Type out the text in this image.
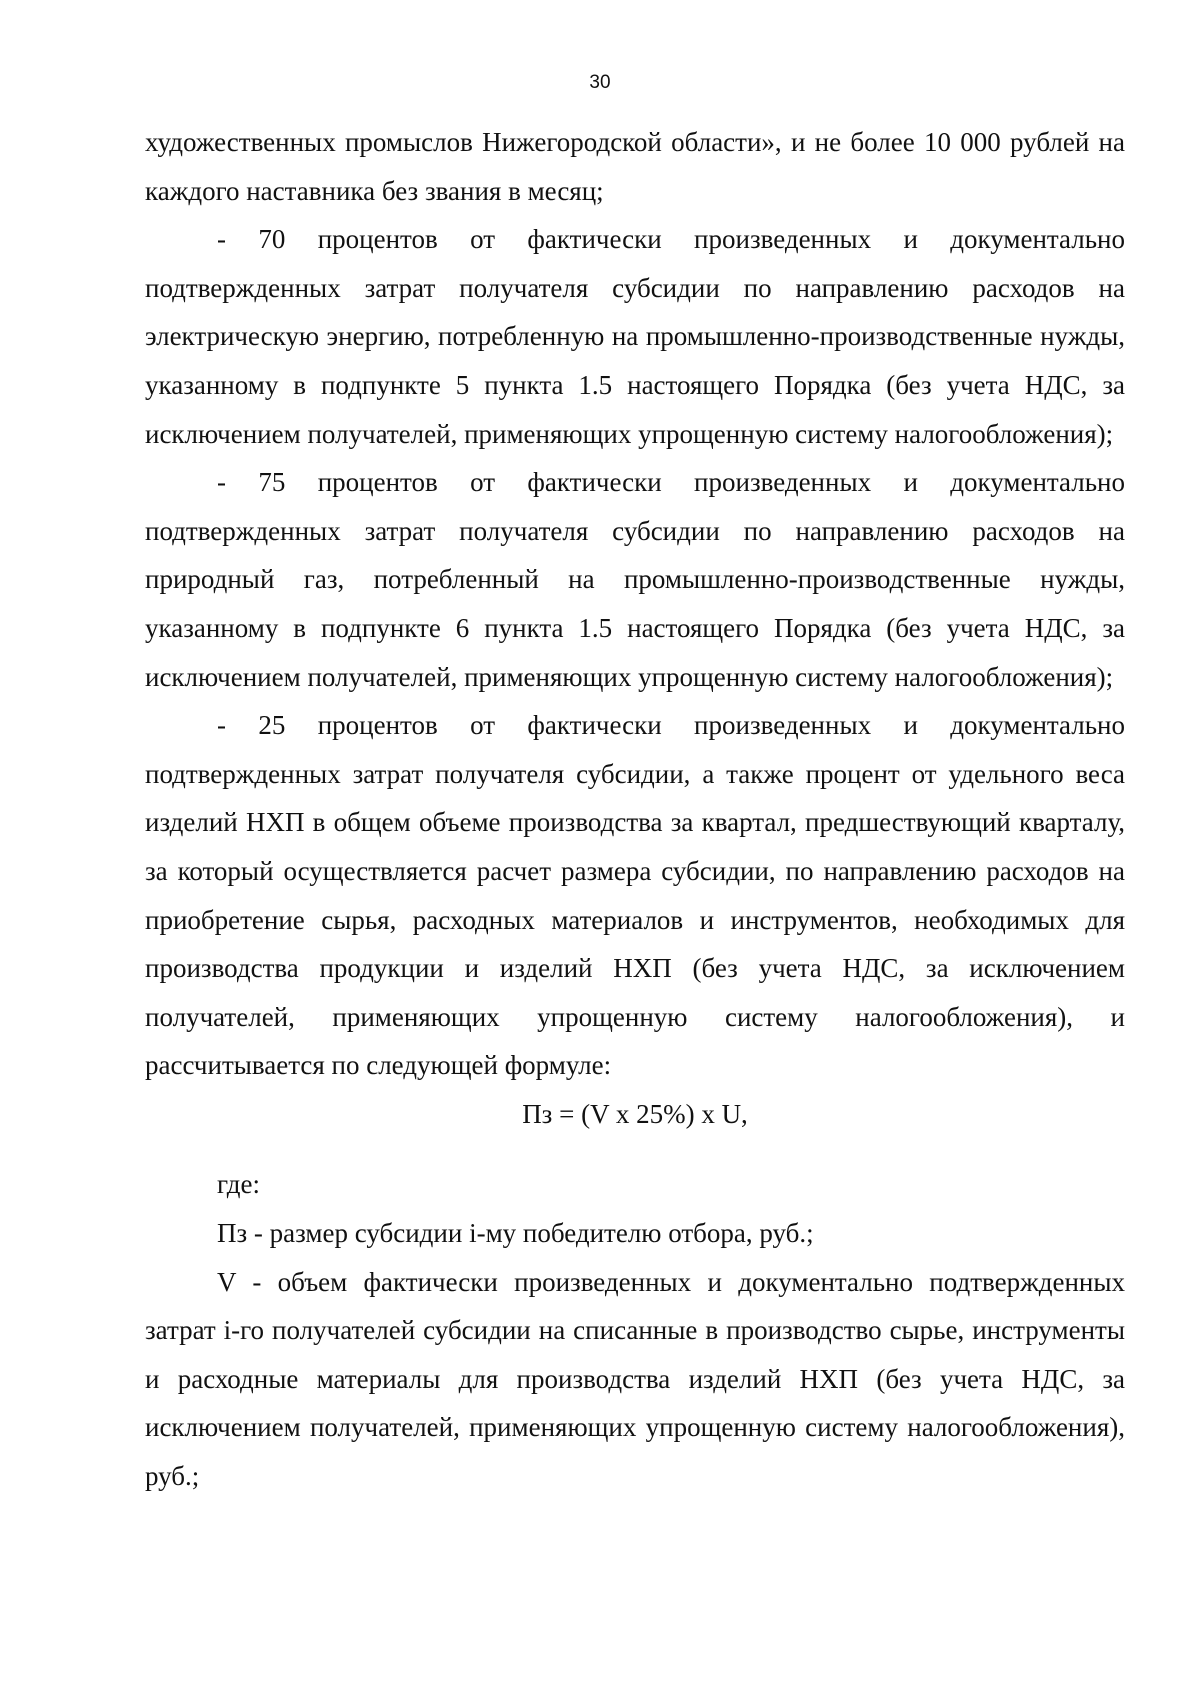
30

художественных промыслов Нижегородской области», и не более 10 000 рублей на каждого наставника без звания в месяц;

- 70 процентов от фактически произведенных и документально подтвержденных затрат получателя субсидии по направлению расходов на электрическую энергию, потребленную на промышленно-производственные нужды, указанному в подпункте 5 пункта 1.5 настоящего Порядка (без учета НДС, за исключением получателей, применяющих упрощенную систему налогообложения);

- 75 процентов от фактически произведенных и документально подтвержденных затрат получателя субсидии по направлению расходов на природный газ, потребленный на промышленно-производственные нужды, указанному в подпункте 6 пункта 1.5 настоящего Порядка (без учета НДС, за исключением получателей, применяющих упрощенную систему налогообложения);

- 25 процентов от фактически произведенных и документально подтвержденных затрат получателя субсидии, а также процент от удельного веса изделий НХП в общем объеме производства за квартал, предшествующий кварталу, за который осуществляется расчет размера субсидии, по направлению расходов на приобретение сырья, расходных материалов и инструментов, необходимых для производства продукции и изделий НХП (без учета НДС, за исключением получателей, применяющих упрощенную систему налогообложения), и рассчитывается по следующей формуле:

Пз = (V x 25%) x U,

где:

Пз - размер субсидии i-му победителю отбора, руб.;

V - объем фактически произведенных и документально подтвержденных затрат i-го получателей субсидии на списанные в производство сырье, инструменты и расходные материалы для производства изделий НХП (без учета НДС, за исключением получателей, применяющих упрощенную систему налогообложения), руб.;
